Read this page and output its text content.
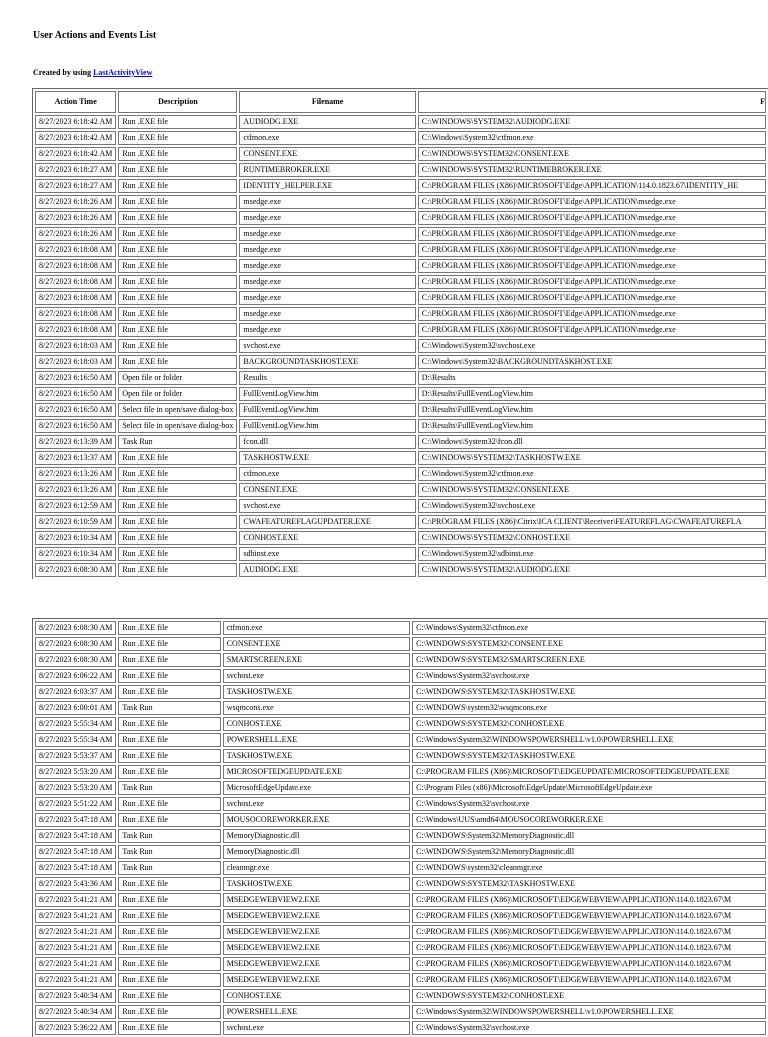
User Actions and Events List
Created by using LastActivityView
Action Time	Description	Filename	F
8/27/2023 6:18:42 AM	Run .EXE file	AUDIODG.EXE	C:\WINDOWS\SYSTEM32\AUDIODG.EXE
8/27/2023 6:18:42 AM	Run .EXE file	ctfmon.exe	C:\Windows\System32\ctfmon.exe
8/27/2023 6:18:42 AM	Run .EXE file	CONSENT.EXE	C:\WINDOWS\SYSTEM32\CONSENT.EXE
8/27/2023 6:18:27 AM	Run .EXE file	RUNTIMEBROKER.EXE	C:\WINDOWS\SYSTEM32\RUNTIMEBROKER.EXE
8/27/2023 6:18:27 AM	Run .EXE file	IDENTITY_HELPER.EXE	C:\PROGRAM FILES (X86)\MICROSOFT\Edge\APPLICATION\114.0.1823.67\IDENTITY_HE
8/27/2023 6:18:26 AM	Run .EXE file	msedge.exe	C:\PROGRAM FILES (X86)\MICROSOFT\Edge\APPLICATION\msedge.exe
8/27/2023 6:18:26 AM	Run .EXE file	msedge.exe	C:\PROGRAM FILES (X86)\MICROSOFT\Edge\APPLICATION\msedge.exe
8/27/2023 6:18:26 AM	Run .EXE file	msedge.exe	C:\PROGRAM FILES (X86)\MICROSOFT\Edge\APPLICATION\msedge.exe
8/27/2023 6:18:08 AM	Run .EXE file	msedge.exe	C:\PROGRAM FILES (X86)\MICROSOFT\Edge\APPLICATION\msedge.exe
8/27/2023 6:18:08 AM	Run .EXE file	msedge.exe	C:\PROGRAM FILES (X86)\MICROSOFT\Edge\APPLICATION\msedge.exe
8/27/2023 6:18:08 AM	Run .EXE file	msedge.exe	C:\PROGRAM FILES (X86)\MICROSOFT\Edge\APPLICATION\msedge.exe
8/27/2023 6:18:08 AM	Run .EXE file	msedge.exe	C:\PROGRAM FILES (X86)\MICROSOFT\Edge\APPLICATION\msedge.exe
8/27/2023 6:18:08 AM	Run .EXE file	msedge.exe	C:\PROGRAM FILES (X86)\MICROSOFT\Edge\APPLICATION\msedge.exe
8/27/2023 6:18:08 AM	Run .EXE file	msedge.exe	C:\PROGRAM FILES (X86)\MICROSOFT\Edge\APPLICATION\msedge.exe
8/27/2023 6:18:03 AM	Run .EXE file	svchost.exe	C:\Windows\System32\svchost.exe
8/27/2023 6:18:03 AM	Run .EXE file	BACKGROUNDTASKHOST.EXE	C:\Windows\System32\BACKGROUNDTASKHOST.EXE
8/27/2023 6:16:50 AM	Open file or folder	Results	D:\Results
8/27/2023 6:16:50 AM	Open file or folder	FullEventLogView.htm	D:\Results\FullEventLogView.htm
8/27/2023 6:16:50 AM	Select file in open/save dialog-box	FullEventLogView.htm	D:\Results\FullEventLogView.htm
8/27/2023 6:16:50 AM	Select file in open/save dialog-box	FullEventLogView.htm	D:\Results\FullEventLogView.htm
8/27/2023 6:13:39 AM	Task Run	fcon.dll	C:\Windows\System32\fcon.dll
8/27/2023 6:13:37 AM	Run .EXE file	TASKHOSTW.EXE	C:\WINDOWS\SYSTEM32\TASKHOSTW.EXE
8/27/2023 6:13:26 AM	Run .EXE file	ctfmon.exe	C:\Windows\System32\ctfmon.exe
8/27/2023 6:13:26 AM	Run .EXE file	CONSENT.EXE	C:\WINDOWS\SYSTEM32\CONSENT.EXE
8/27/2023 6:12:59 AM	Run .EXE file	svchost.exe	C:\Windows\System32\svchost.exe
8/27/2023 6:10:59 AM	Run .EXE file	CWAFEATUREFLAGUPDATER.EXE	C:\PROGRAM FILES (X86)\Citrix\ICA CLIENT\Receiver\FEATUREFLAG\CWAFEATUREFLA
8/27/2023 6:10:34 AM	Run .EXE file	CONHOST.EXE	C:\WINDOWS\SYSTEM32\CONHOST.EXE
8/27/2023 6:10:34 AM	Run .EXE file	sdbinst.exe	C:\Windows\System32\sdbinst.exe
8/27/2023 6:08:30 AM	Run .EXE file	AUDIODG.EXE	C:\WINDOWS\SYSTEM32\AUDIODG.EXE
8/27/2023 6:08:30 AM	Run .EXE file	ctfmon.exe	C:\Windows\System32\ctfmon.exe
8/27/2023 6:08:30 AM	Run .EXE file	CONSENT.EXE	C:\WINDOWS\SYSTEM32\CONSENT.EXE
8/27/2023 6:08:30 AM	Run .EXE file	SMARTSCREEN.EXE	C:\WINDOWS\SYSTEM32\SMARTSCREEN.EXE
8/27/2023 6:06:22 AM	Run .EXE file	svchost.exe	C:\Windows\System32\svchost.exe
8/27/2023 6:03:37 AM	Run .EXE file	TASKHOSTW.EXE	C:\WINDOWS\SYSTEM32\TASKHOSTW.EXE
8/27/2023 6:00:01 AM	Task Run	wsqmcons.exe	C:\WINDOWS\system32\wsqmcons.exe
8/27/2023 5:55:34 AM	Run .EXE file	CONHOST.EXE	C:\WINDOWS\SYSTEM32\CONHOST.EXE
8/27/2023 5:55:34 AM	Run .EXE file	POWERSHELL.EXE	C:\Windows\System32\WINDOWSPOWERSHELL\v1.0\POWERSHELL.EXE
8/27/2023 5:53:37 AM	Run .EXE file	TASKHOSTW.EXE	C:\WINDOWS\SYSTEM32\TASKHOSTW.EXE
8/27/2023 5:53:20 AM	Run .EXE file	MICROSOFTEDGEUPDATE.EXE	C:\PROGRAM FILES (X86)\MICROSOFT\EDGEUPDATE\MICROSOFTEDGEUPDATE.EXE
8/27/2023 5:53:20 AM	Task Run	MicrosoftEdgeUpdate.exe	C:\Program Files (x86)\Microsoft\EdgeUpdate\MicrosoftEdgeUpdate.exe
8/27/2023 5:51:22 AM	Run .EXE file	svchost.exe	C:\Windows\System32\svchost.exe
8/27/2023 5:47:18 AM	Run .EXE file	MOUSOCOREWORKER.EXE	C:\Windows\UUS\amd64\MOUSOCOREWORKER.EXE
8/27/2023 5:47:18 AM	Task Run	MemoryDiagnostic.dll	C:\WINDOWS\System32\MemoryDiagnostic.dll
8/27/2023 5:47:18 AM	Task Run	MemoryDiagnostic.dll	C:\WINDOWS\System32\MemoryDiagnostic.dll
8/27/2023 5:47:18 AM	Task Run	cleanmgr.exe	C:\WINDOWS\system32\cleanmgr.exe
8/27/2023 5:43:36 AM	Run .EXE file	TASKHOSTW.EXE	C:\WINDOWS\SYSTEM32\TASKHOSTW.EXE
8/27/2023 5:41:21 AM	Run .EXE file	MSEDGEWEBVIEW2.EXE	C:\PROGRAM FILES (X86)\MICROSOFT\EDGEWEBVIEW\APPLICATION\114.0.1823.67\M
8/27/2023 5:41:21 AM	Run .EXE file	MSEDGEWEBVIEW2.EXE	C:\PROGRAM FILES (X86)\MICROSOFT\EDGEWEBVIEW\APPLICATION\114.0.1823.67\M
8/27/2023 5:41:21 AM	Run .EXE file	MSEDGEWEBVIEW2.EXE	C:\PROGRAM FILES (X86)\MICROSOFT\EDGEWEBVIEW\APPLICATION\114.0.1823.67\M
8/27/2023 5:41:21 AM	Run .EXE file	MSEDGEWEBVIEW2.EXE	C:\PROGRAM FILES (X86)\MICROSOFT\EDGEWEBVIEW\APPLICATION\114.0.1823.67\M
8/27/2023 5:41:21 AM	Run .EXE file	MSEDGEWEBVIEW2.EXE	C:\PROGRAM FILES (X86)\MICROSOFT\EDGEWEBVIEW\APPLICATION\114.0.1823.67\M
8/27/2023 5:41:21 AM	Run .EXE file	MSEDGEWEBVIEW2.EXE	C:\PROGRAM FILES (X86)\MICROSOFT\EDGEWEBVIEW\APPLICATION\114.0.1823.67\M
8/27/2023 5:40:34 AM	Run .EXE file	CONHOST.EXE	C:\WINDOWS\SYSTEM32\CONHOST.EXE
8/27/2023 5:40:34 AM	Run .EXE file	POWERSHELL.EXE	C:\Windows\System32\WINDOWSPOWERSHELL\v1.0\POWERSHELL.EXE
8/27/2023 5:36:22 AM	Run .EXE file	svchost.exe	C:\Windows\System32\svchost.exe
